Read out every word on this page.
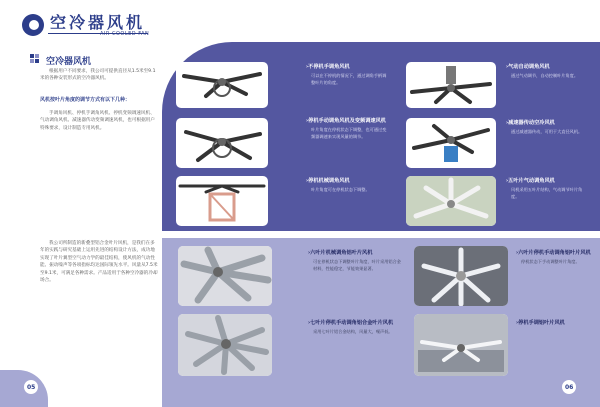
空冷器风机
AIR COOLED FAN
空冷器风机

根据用户不同要求，我公司可提供直径从1.5米至9.1米的各种安装形式的空冷器风机。

风机按叶片角度的调节方式有以下几种：

手调角风机、停机手调角风机、停机变频调速风机、气动调角风机、减速器传动变频调速风机，也可根据用户特殊要求，设计制造专用风机。

我公司所制造的新叠型铝合金叶片风机，是我们在多年的实践与研究基础上运用先进的结构设计方法，成功地实现了叶片翼型空气动力学的最佳结构，使风机的气动性能、振动噪声等各项指标均达国际领先水平。风量从7.5米至9.1米，可满足各种需求。产品适用于各种空冷器的冷却场合。

› 不停机手调角风机

可以在不停机的情况下，通过调角手柄调整叶片的角度。

› 气动自动调角风机

通过气动调节，自动控制叶片角度。

› 停机手动调角风机及变频调速风机

叶片角度在停机状态下调整，也可通过变频器调速来实现风量的调节。

› 减速器传动空冷风机

通过减速器传动，可用于大直径风机。

› 停机机械调角风机

叶片角度可在停机状态下调整。

› 五叶片气动调角风机

风机采用五叶片结构，气动调节叶片角度。

› 六叶片机械调角铝叶片风机

可在停机状态下调整叶片角度，叶片采用铝合金材料，性能稳定，节能效果显著。

› 六叶片停机手动调角铝叶片风机

停机状态下手动调整叶片角度。

› 七叶片停机手动调角铝合金叶片风机

采用七叶片铝合金结构，风量大，噪声低。

› 停机手调铝叶片风机

05	06
